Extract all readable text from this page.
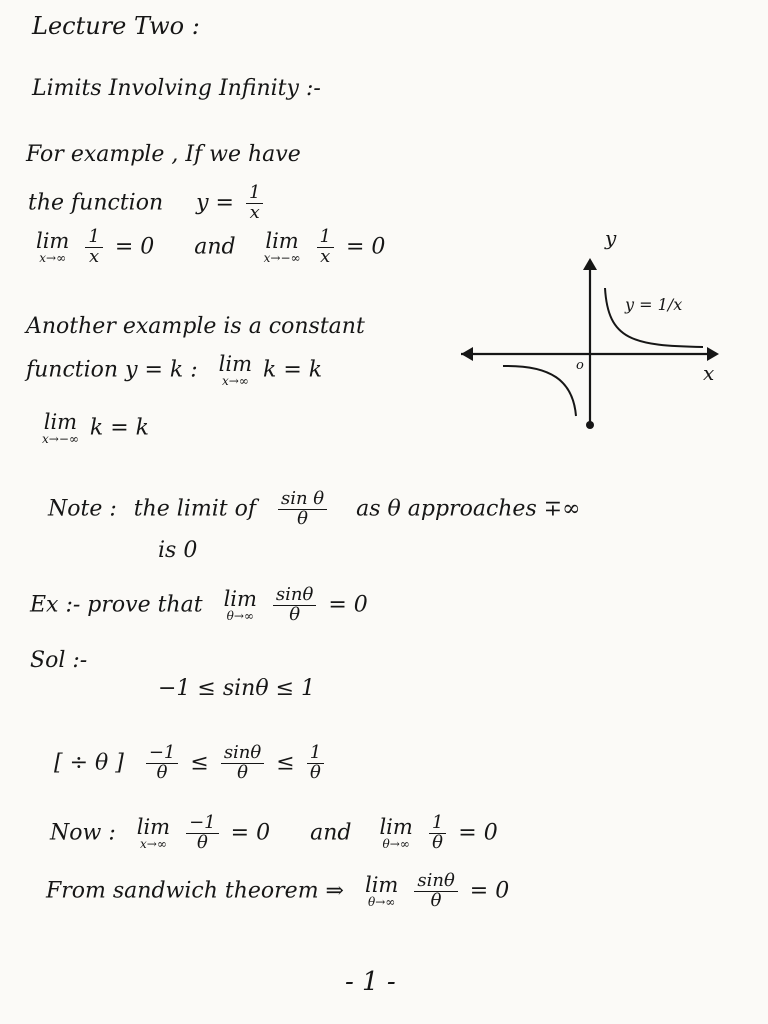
Lecture Two :
Limits Involving Infinity :-
For example , If we have
the function $y = \frac{1}{x}$
lim
x→∞
$\frac{1}{x} = 0$ and lim
x→−∞
$\frac{1}{x} = 0$	y
x
o
y = 1/x
Another example is a constant
function y = k : lim
x→∞ k = k
lim
x→−∞ k = k
Note : the limit of $\frac{\text{sin θ}}{\theta}$ as θ approaches ∓∞
is 0
Ex :- prove that lim
θ→∞
$\frac{\sin\theta}{\theta} = 0$
Sol :-
−1 ≤ sinθ ≤ 1
[ ÷ θ ] $\frac{-1}{\theta} \le \frac{\sin\theta}{\theta} \le \frac{1}{\theta}$
Now : lim
x→∞
$\frac{-1}{\theta} = 0$ and lim
θ→∞
$\frac{1}{\theta} = 0$
From sandwich theorem ⇒ lim
θ→∞
$\frac{\sin\theta}{\theta} = 0$
- 1 -
